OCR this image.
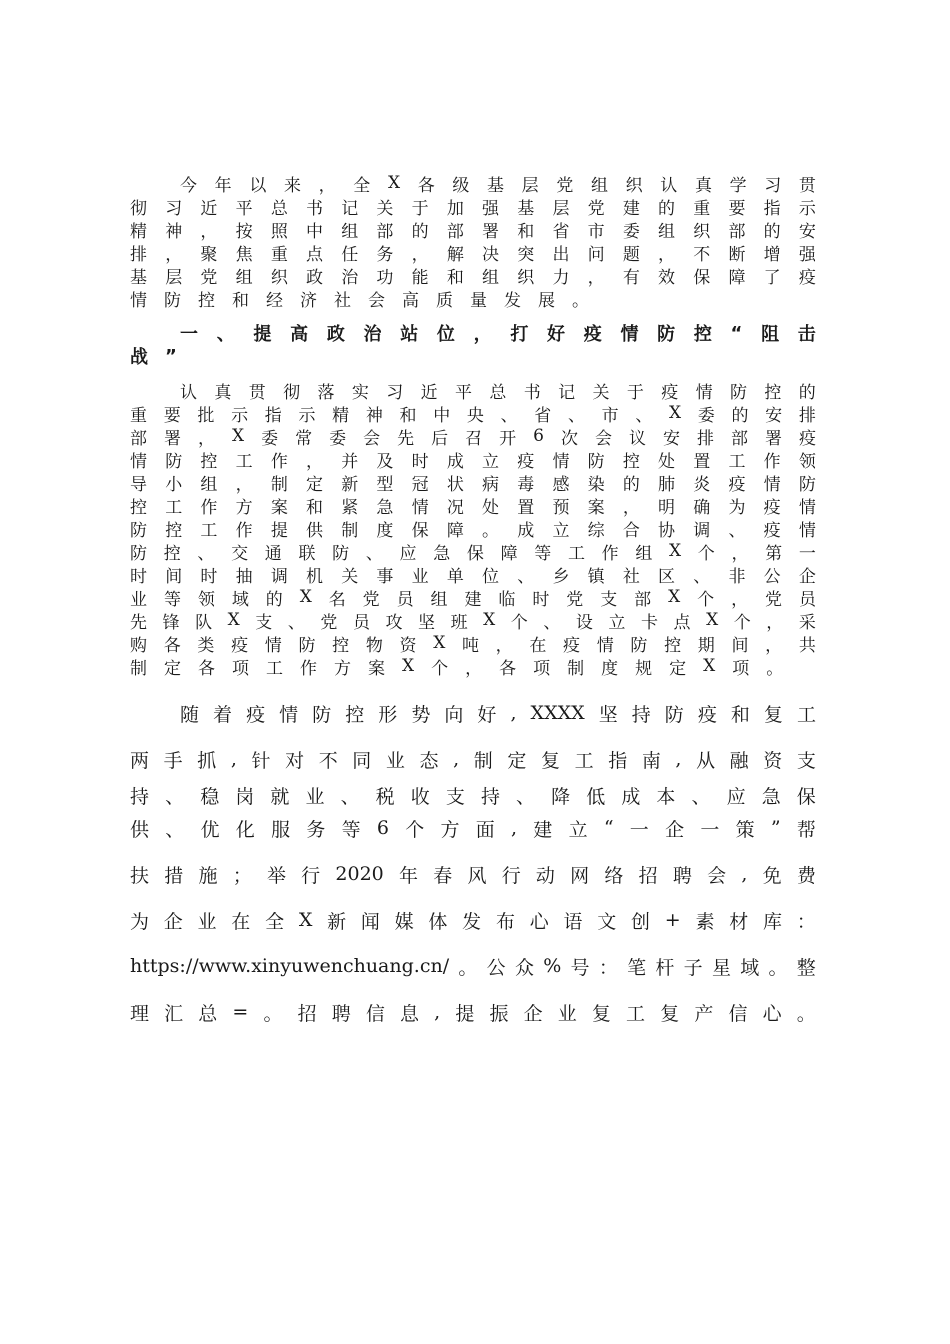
今 年 以 来 ， 全 X 各 级 基 层 党 组 织 认 真 学 习 贯
彻 习 近 平 总 书 记 关 于 加 强 基 层 党 建 的 重 要 指 示
精 神 ， 按 照 中 组 部 的 部 署 和 省 市 委 组 织 部 的 安
排 ， 聚 焦 重 点 任 务 ， 解 决 突 出 问 题 ， 不 断 增 强
基 层 党 组 织 政 治 功 能 和 组 织 力 ， 有 效 保 障 了 疫
情 防 控 和 经 济 社 会 高 质 量 发 展 。
一 、 提 高 政 治 站 位 ， 打 好 疫 情 防 控 “ 阻 击
战 ”
认 真 贯 彻 落 实 习 近 平 总 书 记 关 于 疫 情 防 控 的
重 要 批 示 指 示 精 神 和 中 央 、 省 、 市 、 X 委 的 安 排
部 署 ， X 委 常 委 会 先 后 召 开 6 次 会 议 安 排 部 署 疫
情 防 控 工 作 ， 并 及 时 成 立 疫 情 防 控 处 置 工 作 领
导 小 组 ， 制 定 新 型 冠 状 病 毒 感 染 的 肺 炎 疫 情 防
控 工 作 方 案 和 紧 急 情 况 处 置 预 案 ， 明 确 为 疫 情
防 控 工 作 提 供 制 度 保 障 。 成 立 综 合 协 调 、 疫 情
防 控 、 交 通 联 防 、 应 急 保 障 等 工 作 组 X 个 ， 第 一
时 间 时 抽 调 机 关 事 业 单 位 、 乡 镇 社 区 、 非 公 企
业 等 领 域 的 X 名 党 员 组 建 临 时 党 支 部 X 个 ， 党 员
先 锋 队 X 支 、 党 员 攻 坚 班 X 个 、 设 立 卡 点 X 个 ， 采
购 各 类 疫 情 防 控 物 资 X 吨 ， 在 疫 情 防 控 期 间 ， 共
制 定 各 项 工 作 方 案 X 个 ， 各 项 制 度 规 定 X 项 。
随 着 疫 情 防 控 形 势 向 好 , XXXX 坚 持 防 疫 和 复 工
两 手 抓 , 针 对 不 同 业 态 , 制 定 复 工 指 南 , 从 融 资 支
持 、 稳 岗 就 业 、 税 收 支 持 、 降 低 成 本 、 应 急 保
供 、 优 化 服 务 等 6 个 方 面 , 建 立 “ 一 企 一 策 ” 帮
扶 措 施 ； 举 行 2020 年 春 风 行 动 网 络 招 聘 会 , 免 费
为 企 业 在 全 X 新 闻 媒 体 发 布 心 语 文 创 + 素 材 库 ：
https://www.xinyuwenchuang.cn/ 。 公 众 % 号 ： 笔 杆 子 星 域 。 整
理 汇 总 = 。 招 聘 信 息 , 提 振 企 业 复 工 复 产 信 心 。
